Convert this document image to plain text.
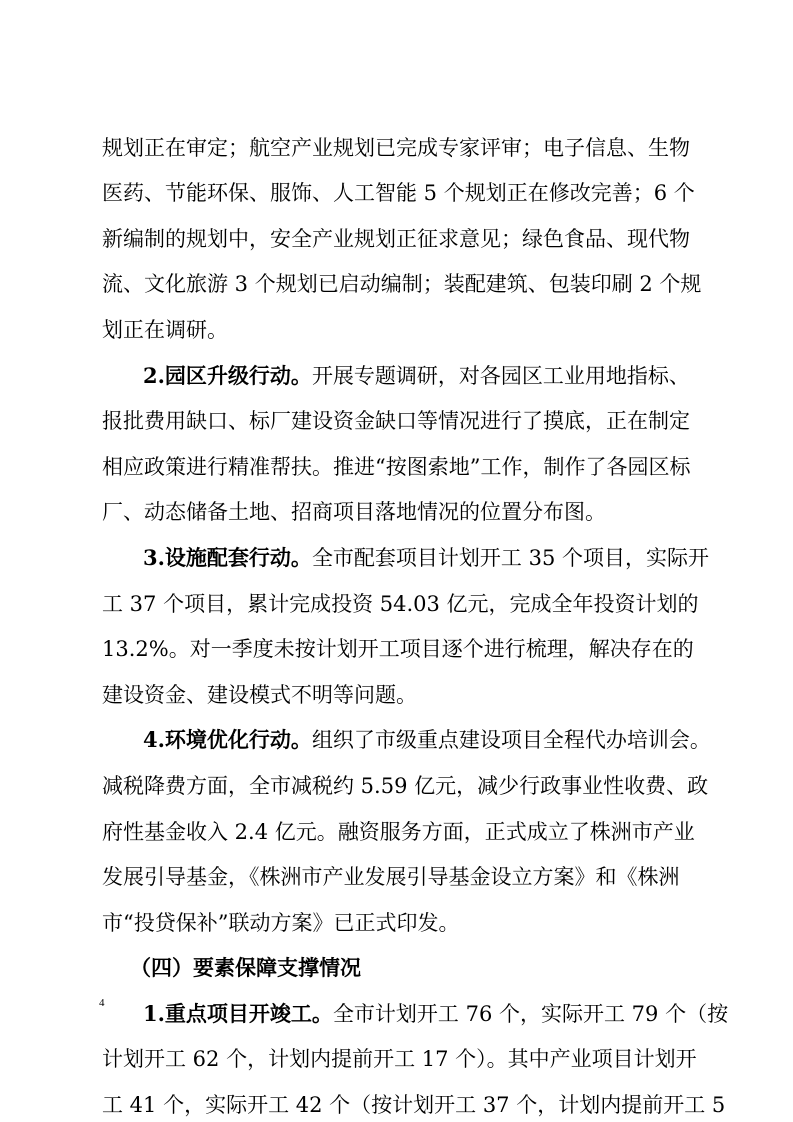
规划正在审定；航空产业规划已完成专家评审；电子信息、生物
医药、节能环保、服饰、人工智能 5 个规划正在修改完善；6 个
新编制的规划中，安全产业规划正征求意见；绿色食品、现代物
流、文化旅游 3 个规划已启动编制；装配建筑、包装印刷 2 个规
划正在调研。
2.园区升级行动。开展专题调研，对各园区工业用地指标、
报批费用缺口、标厂建设资金缺口等情况进行了摸底，正在制定
相应政策进行精准帮扶。推进“按图索地”工作，制作了各园区标
厂、动态储备土地、招商项目落地情况的位置分布图。
3.设施配套行动。全市配套项目计划开工 35 个项目，实际开
工 37 个项目，累计完成投资 54.03 亿元，完成全年投资计划的
13.2%。对一季度未按计划开工项目逐个进行梳理，解决存在的
建设资金、建设模式不明等问题。
4.环境优化行动。组织了市级重点建设项目全程代办培训会。
减税降费方面，全市减税约 5.59 亿元，减少行政事业性收费、政
府性基金收入 2.4 亿元。融资服务方面，正式成立了株洲市产业
发展引导基金，《株洲市产业发展引导基金设立方案》和《株洲
市“投贷保补”联动方案》已正式印发。
（四）要素保障支撑情况
1.重点项目开竣工。全市计划开工 76 个，实际开工 79 个（按
计划开工 62 个，计划内提前开工 17 个）。其中产业项目计划开
工 41 个，实际开工 42 个（按计划开工 37 个，计划内提前开工 5
4
